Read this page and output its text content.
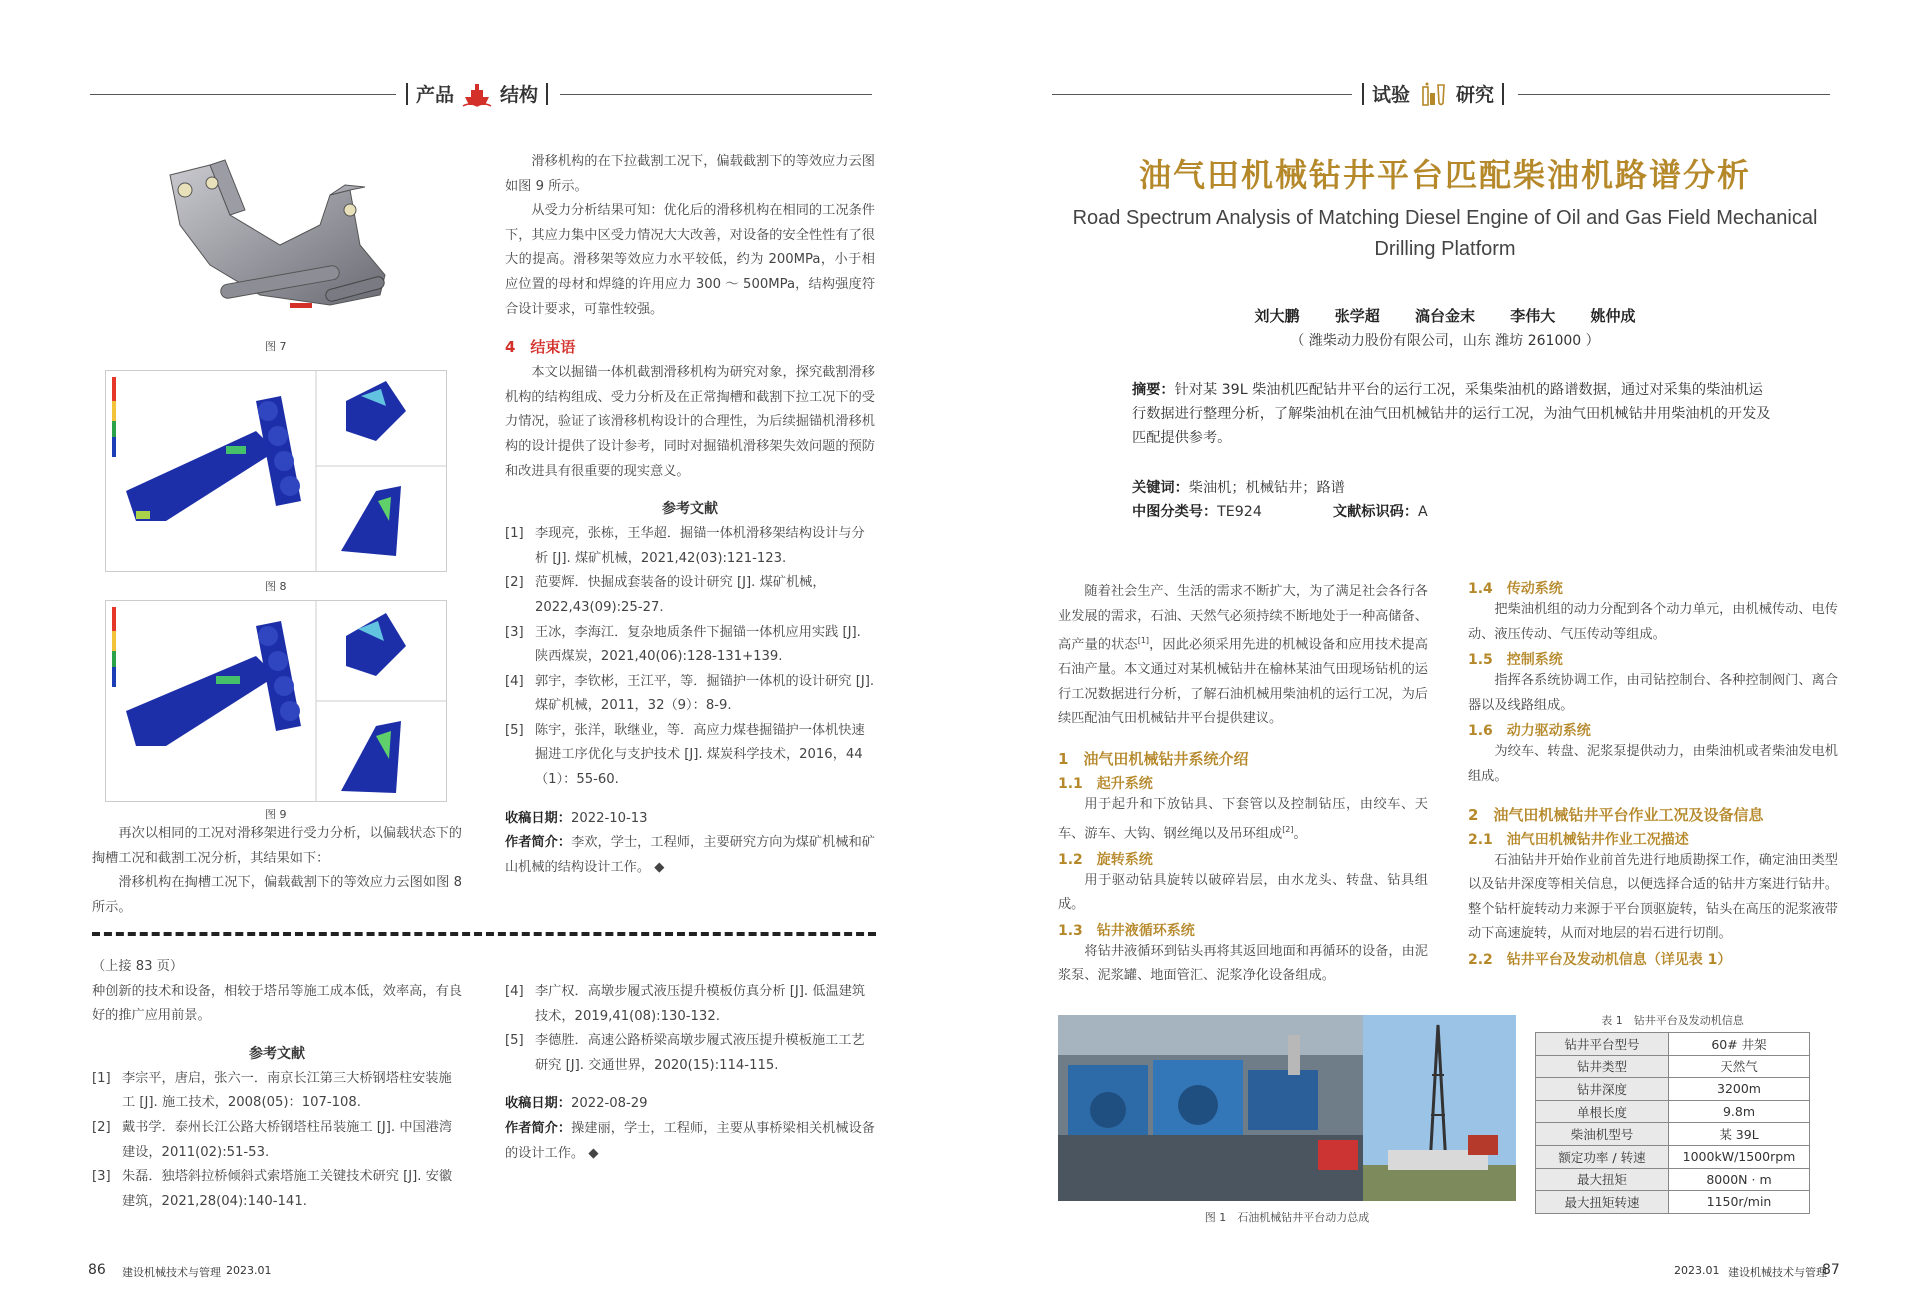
产品 结构	试验 研究
图 7
图 8
图 9

再次以相同的工况对滑移架进行受力分析，以偏载状态下的掏槽工况和截割工况分析，其结果如下：

滑移机构在掏槽工况下，偏载截割下的等效应力云图如图 8 所示。

滑移机构的在下拉截割工况下，偏载截割下的等效应力云图如图 9 所示。

从受力分析结果可知：优化后的滑移机构在相同的工况条件下，其应力集中区受力情况大大改善，对设备的安全性性有了很大的提高。滑移架等效应力水平较低，约为 200MPa，小于相应位置的母材和焊缝的许用应力 300 ～ 500MPa，结构强度符合设计要求，可靠性较强。

4　结束语

本文以掘锚一体机截割滑移机构为研究对象，探究截割滑移机构的结构组成、受力分析及在正常掏槽和截割下拉工况下的受力情况，验证了该滑移机构设计的合理性，为后续掘锚机滑移机构的设计提供了设计参考，同时对掘锚机滑移架失效问题的预防和改进具有很重要的现实意义。

参考文献
[1] 李现亮，张栋，王华超．掘锚一体机滑移架结构设计与分析 [J]. 煤矿机械，2021,42(03):121-123.
[2] 范要辉．快掘成套装备的设计研究 [J]. 煤矿机械，2022,43(09):25-27.
[3] 王冰，李海江．复杂地质条件下掘锚一体机应用实践 [J]. 陕西煤炭，2021,40(06):128-131+139.
[4] 郭宇，李钦彬，王江平，等．掘锚护一体机的设计研究 [J]. 煤矿机械，2011，32（9）：8-9.
[5] 陈宇，张洋，耿继业，等．高应力煤巷掘锚护一体机快速掘进工序优化与支护技术 [J]. 煤炭科学技术，2016，44（1）：55-60.

收稿日期：2022-10-13

作者简介：李欢，学士，工程师，主要研究方向为煤矿机械和矿山机械的结构设计工作。 ◆

（上接 83 页）

种创新的技术和设备，相较于塔吊等施工成本低，效率高，有良好的推广应用前景。

参考文献
[1] 李宗平，唐启，张六一．南京长江第三大桥钢塔柱安装施工 [J]. 施工技术，2008(05)：107-108.
[2] 戴书学．泰州长江公路大桥钢塔柱吊装施工 [J]. 中国港湾建设，2011(02):51-53.
[3] 朱磊．独塔斜拉桥倾斜式索塔施工关键技术研究 [J]. 安徽建筑，2021,28(04):140-141.
[4] 李广权．高墩步履式液压提升模板仿真分析 [J]. 低温建筑技术，2019,41(08):130-132.
[5] 李德胜．高速公路桥梁高墩步履式液压提升模板施工工艺研究 [J]. 交通世界，2020(15):114-115.

收稿日期：2022-08-29

作者简介：操建丽，学士，工程师，主要从事桥梁相关机械设备的设计工作。 ◆

油气田机械钻井平台匹配柴油机路谱分析
Road Spectrum Analysis of Matching Diesel Engine of Oil and Gas Field Mechanical
Drilling Platform
刘大鹏　　 张学超　　 滈台金末　　 李伟大　　 姚仲成
（ 潍柴动力股份有限公司，山东 潍坊 261000 ）
摘要：针对某 39L 柴油机匹配钻井平台的运行工况，采集柴油机的路谱数据，通过对采集的柴油机运行数据进行整理分析，了解柴油机在油气田机械钻井的运行工况，为油气田机械钻井用柴油机的开发及匹配提供参考。
关键词：柴油机；机械钻井；路谱
中图分类号：TE924	文献标识码：A

随着社会生产、生活的需求不断扩大，为了满足社会各行各业发展的需求，石油、天然气必须持续不断地处于一种高储备、高产量的状态[1]，因此必须采用先进的机械设备和应用技术提高石油产量。本文通过对某机械钻井在榆林某油气田现场钻机的运行工况数据进行分析，了解石油机械用柴油机的运行工况，为后续匹配油气田机械钻井平台提供建议。

1　油气田机械钻井系统介绍
1.1　起升系统

用于起升和下放钻具、下套管以及控制钻压，由绞车、天车、游车、大钩、钢丝绳以及吊环组成[2]。

1.2　旋转系统

用于驱动钻具旋转以破碎岩层，由水龙头、转盘、钻具组成。

1.3　钻井液循环系统

将钻井液循环到钻头再将其返回地面和再循环的设备，由泥浆泵、泥浆罐、地面管汇、泥浆净化设备组成。

1.4　传动系统

把柴油机组的动力分配到各个动力单元，由机械传动、电传动、液压传动、气压传动等组成。

1.5　控制系统

指挥各系统协调工作，由司钻控制台、各种控制阀门、离合器以及线路组成。

1.6　动力驱动系统

为绞车、转盘、泥浆泵提供动力，由柴油机或者柴油发电机组成。

2　油气田机械钻井平台作业工况及设备信息
2.1　油气田机械钻井作业工况描述

石油钻井开始作业前首先进行地质勘探工作，确定油田类型以及钻井深度等相关信息，以便选择合适的钻井方案进行钻井。整个钻杆旋转动力来源于平台顶驱旋转，钻头在高压的泥浆液带动下高速旋转，从而对地层的岩石进行切削。

2.2　钻井平台及发动机信息（详见表 1）
图 1　石油机械钻井平台动力总成
表 1　钻井平台及发动机信息
钻井平台型号	60# 井架
钻井类型	天然气
钻井深度	3200m
单根长度	9.8m
柴油机型号	某 39L
额定功率 / 转速	1000kW/1500rpm
最大扭矩	8000N · m
最大扭矩转速	1150r/min
86 建设机械技术与管理 2023.01	2023.01 建设机械技术与管理
87
